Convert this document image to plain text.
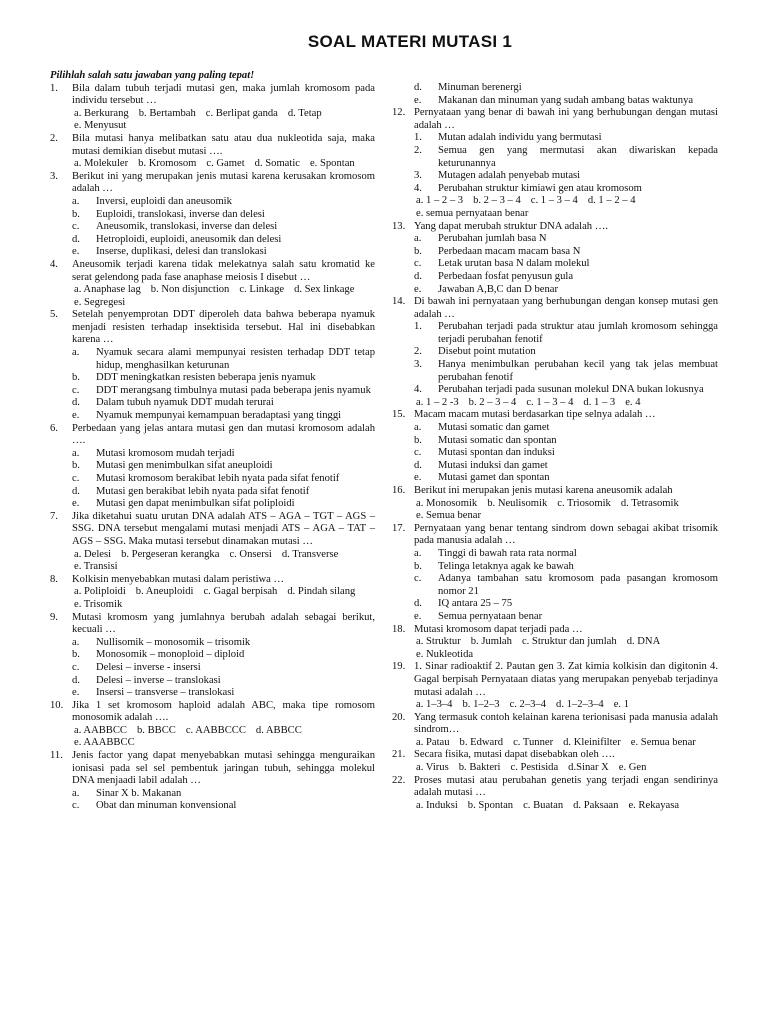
SOAL MATERI MUTASI 1
Pilihlah salah satu jawaban yang paling tepat!
1.	Bila dalam tubuh terjadi mutasi gen, maka jumlah kromosom pada individu tersebut …
a. Berkurang b. Bertambah c. Berlipat ganda d. Tetap
e. Menyusut
2.	Bila mutasi hanya melibatkan satu atau dua nukleotida saja, maka mutasi demikian disebut mutasi ….
a. Molekuler b. Kromosom c. Gamet d. Somatic e. Spontan
3.	Berikut ini yang merupakan jenis mutasi karena kerusakan kromosom adalah …
a.	Inversi, euploidi dan aneusomik
b.	Euploidi, translokasi, inverse dan delesi
c.	Aneusomik, translokasi, inverse dan delesi
d.	Hetroploidi, euploidi, aneusomik dan delesi
e.	Inserse, duplikasi, delesi dan translokasi
4.	Aneusomik terjadi karena tidak melekatnya salah satu kromatid ke serat gelendong pada fase anaphase meiosis I disebut …
a. Anaphase lag b. Non disjunction c. Linkage d. Sex linkage
e. Segregesi
5.	Setelah penyemprotan DDT diperoleh data bahwa beberapa nyamuk menjadi resisten terhadap insektisida tersebut. Hal ini disebabkan karena …
a.	Nyamuk secara alami mempunyai resisten terhadap DDT tetap hidup, menghasilkan keturunan
b.	DDT meningkatkan resisten beberapa jenis nyamuk
c.	DDT merangsang timbulnya mutasi pada beberapa jenis nyamuk
d.	Dalam tubuh nyamuk DDT mudah terurai
e.	Nyamuk mempunyai kemampuan beradaptasi yang tinggi
6.	Perbedaan yang jelas antara mutasi gen dan mutasi kromosom adalah ….
a.	Mutasi kromosom mudah terjadi
b.	Mutasi gen menimbulkan sifat aneuploidi
c.	Mutasi kromosom berakibat lebih nyata pada sifat fenotif
d.	Mutasi gen berakibat lebih nyata pada sifat fenotif
e.	Mutasi gen dapat menimbulkan sifat poliploidi
7.	Jika diketahui suatu urutan DNA adalah ATS – AGA – TGT – AGS – SSG. DNA tersebut mengalami mutasi menjadi ATS – AGA – TAT – AGS – SSG. Maka mutasi tersebut dinamakan mutasi …
a. Delesi b. Pergeseran kerangka c. Onsersi d. Transverse
e. Transisi
8.	Kolkisin menyebabkan mutasi dalam peristiwa …
a. Poliploidi b. Aneuploidi c. Gagal berpisah d. Pindah silang
e. Trisomik
9.	Mutasi kromosm yang jumlahnya berubah adalah sebagai berikut, kecuali …
a.	Nullisomik – monosomik – trisomik
b.	Monosomik – monoploid – diploid
c.	Delesi – inverse - insersi
d.	Delesi – inverse – translokasi
e.	Insersi – transverse – translokasi
10. Jika 1 set kromosom haploid adalah ABC, maka tipe romosom monosomik adalah ….
a. AABBCC b. BBCC c. AABBCCC d. ABBCC
e. AAABBCC
11. Jenis factor yang dapat menyebabkan mutasi sehingga menguraikan ionisasi pada sel sel pembentuk jaringan tubuh, sehingga molekul DNA menjaadi labil adalah …
a.	Sinar X b. Makanan
c.	Obat dan minuman konvensional
d.	Minuman berenergi
e.	Makanan dan minuman yang sudah ambang batas waktunya
12. Pernyataan yang benar di bawah ini yang berhubungan dengan mutasi adalah …
1.	Mutan adalah individu yang bermutasi
2.	Semua gen yang mermutasi akan diwariskan kepada keturunannya
3.	Mutagen adalah penyebab mutasi
4.	Perubahan struktur kimiawi gen atau kromosom
a. 1 – 2 – 3 b. 2 – 3 – 4 c. 1 – 3 – 4 d. 1 – 2 – 4
e. semua pernyataan benar
13. Yang dapat merubah struktur DNA adalah ….
a.	Perubahan jumlah basa N
b.	Perbedaan macam macam basa N
c.	Letak urutan basa N dalam molekul
d.	Perbedaan fosfat penyusun gula
e.	Jawaban A,B,C dan D benar
14. Di bawah ini pernyataan yang berhubungan dengan konsep mutasi gen adalah …
1.	Perubahan terjadi pada struktur atau jumlah kromosom sehingga terjadi perubahan fenotif
2.	Disebut point mutation
3.	Hanya menimbulkan perubahan kecil yang tak jelas membuat perubahan fenotif
4.	Perubahan terjadi pada susunan molekul DNA bukan lokusnya
a. 1 – 2 -3 b. 2 – 3 – 4 c. 1 – 3 – 4 d. 1 – 3 e. 4
15. Macam macam mutasi berdasarkan tipe selnya adalah …
a.	Mutasi somatic dan gamet
b.	Mutasi somatic dan spontan
c.	Mutasi spontan dan induksi
d.	Mutasi induksi dan gamet
e.	Mutasi gamet dan spontan
16. Berikut ini merupakan jenis mutasi karena aneusomik adalah
a. Monosomik b. Neulisomik c. Triosomik d. Tetrasomik
e. Semua benar
17. Pernyataan yang benar tentang sindrom down sebagai akibat trisomik pada manusia adalah …
a.	Tinggi di bawah rata rata normal
b.	Telinga letaknya agak ke bawah
c.	Adanya tambahan satu kromosom pada pasangan kromosom nomor 21
d.	IQ antara 25 – 75
e.	Semua pernyataan benar
18. Mutasi kromosom dapat terjadi pada …
a. Struktur b. Jumlah c. Struktur dan jumlah d. DNA
e. Nukleotida
19. 1. Sinar radioaktif 2. Pautan gen 3. Zat kimia kolkisin dan digitonin 4. Gagal berpisah Pernyataan diatas yang merupakan penyebab terjadinya mutasi adalah …
a. 1–3–4 b. 1–2–3 c. 2–3–4 d. 1–2–3–4 e. 1
20. Yang termasuk contoh kelainan karena terionisasi pada manusia adalah sindrom…
a. Patau b. Edward c. Tunner d. Kleinifilter e. Semua benar
21. Secara fisika, mutasi dapat disebabkan oleh ….
a. Virus b. Bakteri c. Pestisida d.Sinar X e. Gen
22. Proses mutasi atau perubahan genetis yang terjadi engan sendirinya adalah mutasi …
a. Induksi b. Spontan c. Buatan d. Paksaan e. Rekayasa
